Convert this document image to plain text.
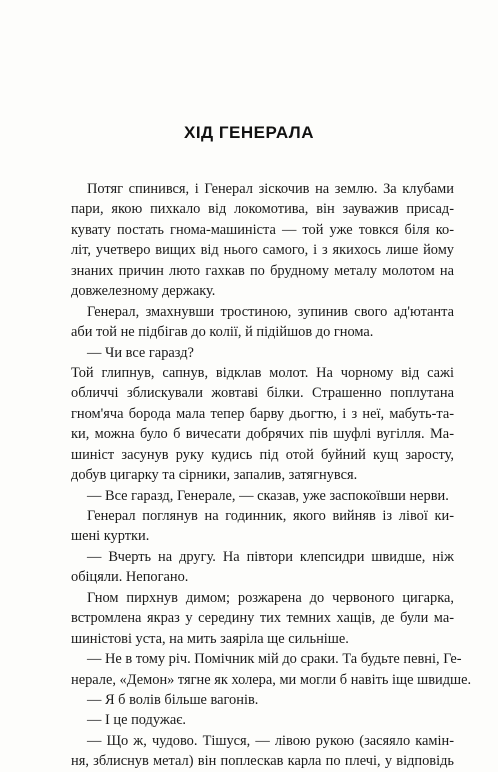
ХІД ГЕНЕРАЛА
Потяг спинився, і Генерал зіскочив на землю. За клубами
пари, якою пихкало від локомотива, він зауважив присад-
кувату постать гнома-машиніста — той уже товкся біля ко-
літ, учетверо вищих від нього самого, і з якихось лише йому
знаних причин люто гахкав по брудному металу молотом на
довжелезному держаку.
Генерал, змахнувши тростиною, зупинив свого ад'ютанта
аби той не підбігав до колії, й підійшов до гнома.
— Чи все гаразд?
Той глипнув, сапнув, відклав молот. На чорному від сажі
обличчі зблискували жовтаві білки. Страшенно поплутана
гном'яча борода мала тепер барву дьогтю, і з неї, мабуть-та-
ки, можна було б вичесати добрячих пів шуфлі вугілля. Ма-
шиніст засунув руку кудись під отой буйний кущ заросту,
добув цигарку та сірники, запалив, затягнувся.
— Все гаразд, Генерале, — сказав, уже заспокоївши нерви.
Генерал поглянув на годинник, якого вийняв із лівої ки-
шені куртки.
— Вчерть на другу. На півтори клепсидри швидше, ніж
обіцяли. Непогано.
Гном пирхнув димом; розжарена до червоного цигарка,
встромлена якраз у середину тих темних хащів, де були ма-
шиністові уста, на мить заяріла ще сильніше.
— Не в тому річ. Помічник мій до сраки. Та будьте певні, Ге-
нерале, «Демон» тягне як холера, ми могли б навіть іще швидше.
— Я б волів більше вагонів.
— І це подужає.
— Що ж, чудово. Тішуся, — лівою рукою (засяяло камін-
ня, зблиснув метал) він поплескав карла по плечі, у відповідь
